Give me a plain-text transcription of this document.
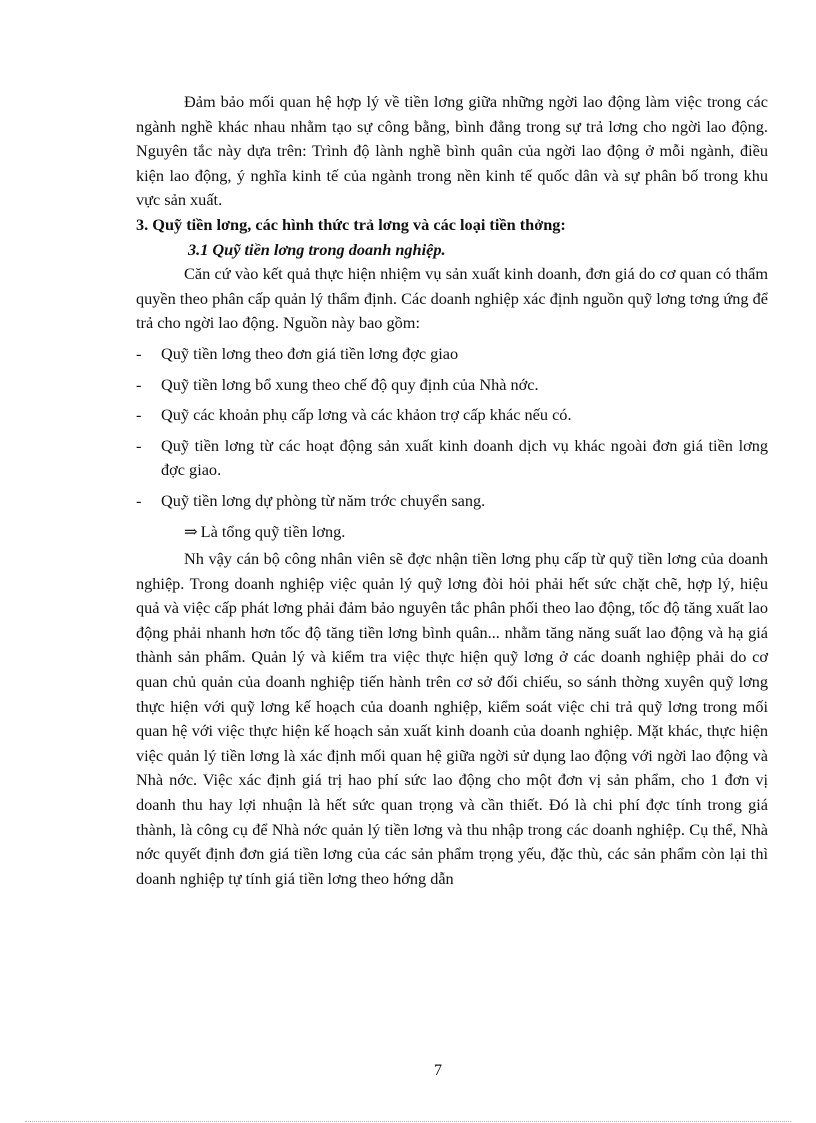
Đảm bảo mối quan hệ hợp lý về tiền lơng giữa những ngời lao động làm việc trong các ngành nghề khác nhau nhằm tạo sự công bằng, bình đẳng trong sự trả lơng cho ngời lao động. Nguyên tắc này dựa trên: Trình độ lành nghề bình quân của ngời lao động ở mỗi ngành, điều kiện lao động, ý nghĩa kinh tế của ngành trong nền kinh tế quốc dân và sự phân bố trong khu vực sản xuất.

3. Quỹ tiền lơng, các hình thức trả lơng và các loại tiền thởng:

3.1 Quỹ tiền lơng trong doanh nghiệp.

Căn cứ vào kết quả thực hiện nhiệm vụ sản xuất kinh doanh, đơn giá do cơ quan có thẩm quyền theo phân cấp quản lý thẩm định. Các doanh nghiệp xác định nguồn quỹ lơng tơng ứng để trả cho ngời lao động. Nguồn này bao gồm:

- Quỹ tiền lơng theo đơn giá tiền lơng đợc giao
- Quỹ tiền lơng bổ xung theo chế độ quy định của Nhà nớc.
- Quỹ các khoản phụ cấp lơng và các khảon trợ cấp khác nếu có.
- Quỹ tiền lơng từ các hoạt động sản xuất kinh doanh dịch vụ khác ngoài đơn giá tiền lơng đợc giao.
- Quỹ tiền lơng dự phòng từ năm trớc chuyển sang.

⇒ Là tổng quỹ tiền lơng.

Nh vậy cán bộ công nhân viên sẽ đợc nhận tiền lơng phụ cấp từ quỹ tiền lơng của doanh nghiệp. Trong doanh nghiệp việc quản lý quỹ lơng đòi hỏi phải hết sức chặt chẽ, hợp lý, hiệu quả và việc cấp phát lơng phải đảm bảo nguyên tắc phân phối theo lao động, tốc độ tăng xuất lao động phải nhanh hơn tốc độ tăng tiền lơng bình quân... nhằm tăng năng suất lao động và hạ giá thành sản phẩm. Quản lý và kiểm tra việc thực hiện quỹ lơng ở các doanh nghiệp phải do cơ quan chủ quản của doanh nghiệp tiến hành trên cơ sở đối chiếu, so sánh thờng xuyên quỹ lơng thực hiện với quỹ lơng kế hoạch của doanh nghiệp, kiểm soát việc chi trả quỹ lơng trong mối quan hệ với việc thực hiện kế hoạch sản xuất kinh doanh của doanh nghiệp. Mặt khác, thực hiện việc quản lý tiền lơng là xác định mối quan hệ giữa ngời sử dụng lao động với ngời lao động và Nhà nớc. Việc xác định giá trị hao phí sức lao động cho một đơn vị sản phẩm, cho 1 đơn vị doanh thu hay lợi nhuận là hết sức quan trọng và cần thiết. Đó là chi phí đợc tính trong giá thành, là công cụ để Nhà nớc quản lý tiền lơng và thu nhập trong các doanh nghiệp. Cụ thể, Nhà nớc quyết định đơn giá tiền lơng của các sản phẩm trọng yếu, đặc thù, các sản phẩm còn lại thì doanh nghiệp tự tính giá tiền lơng theo hớng dẫn

7
